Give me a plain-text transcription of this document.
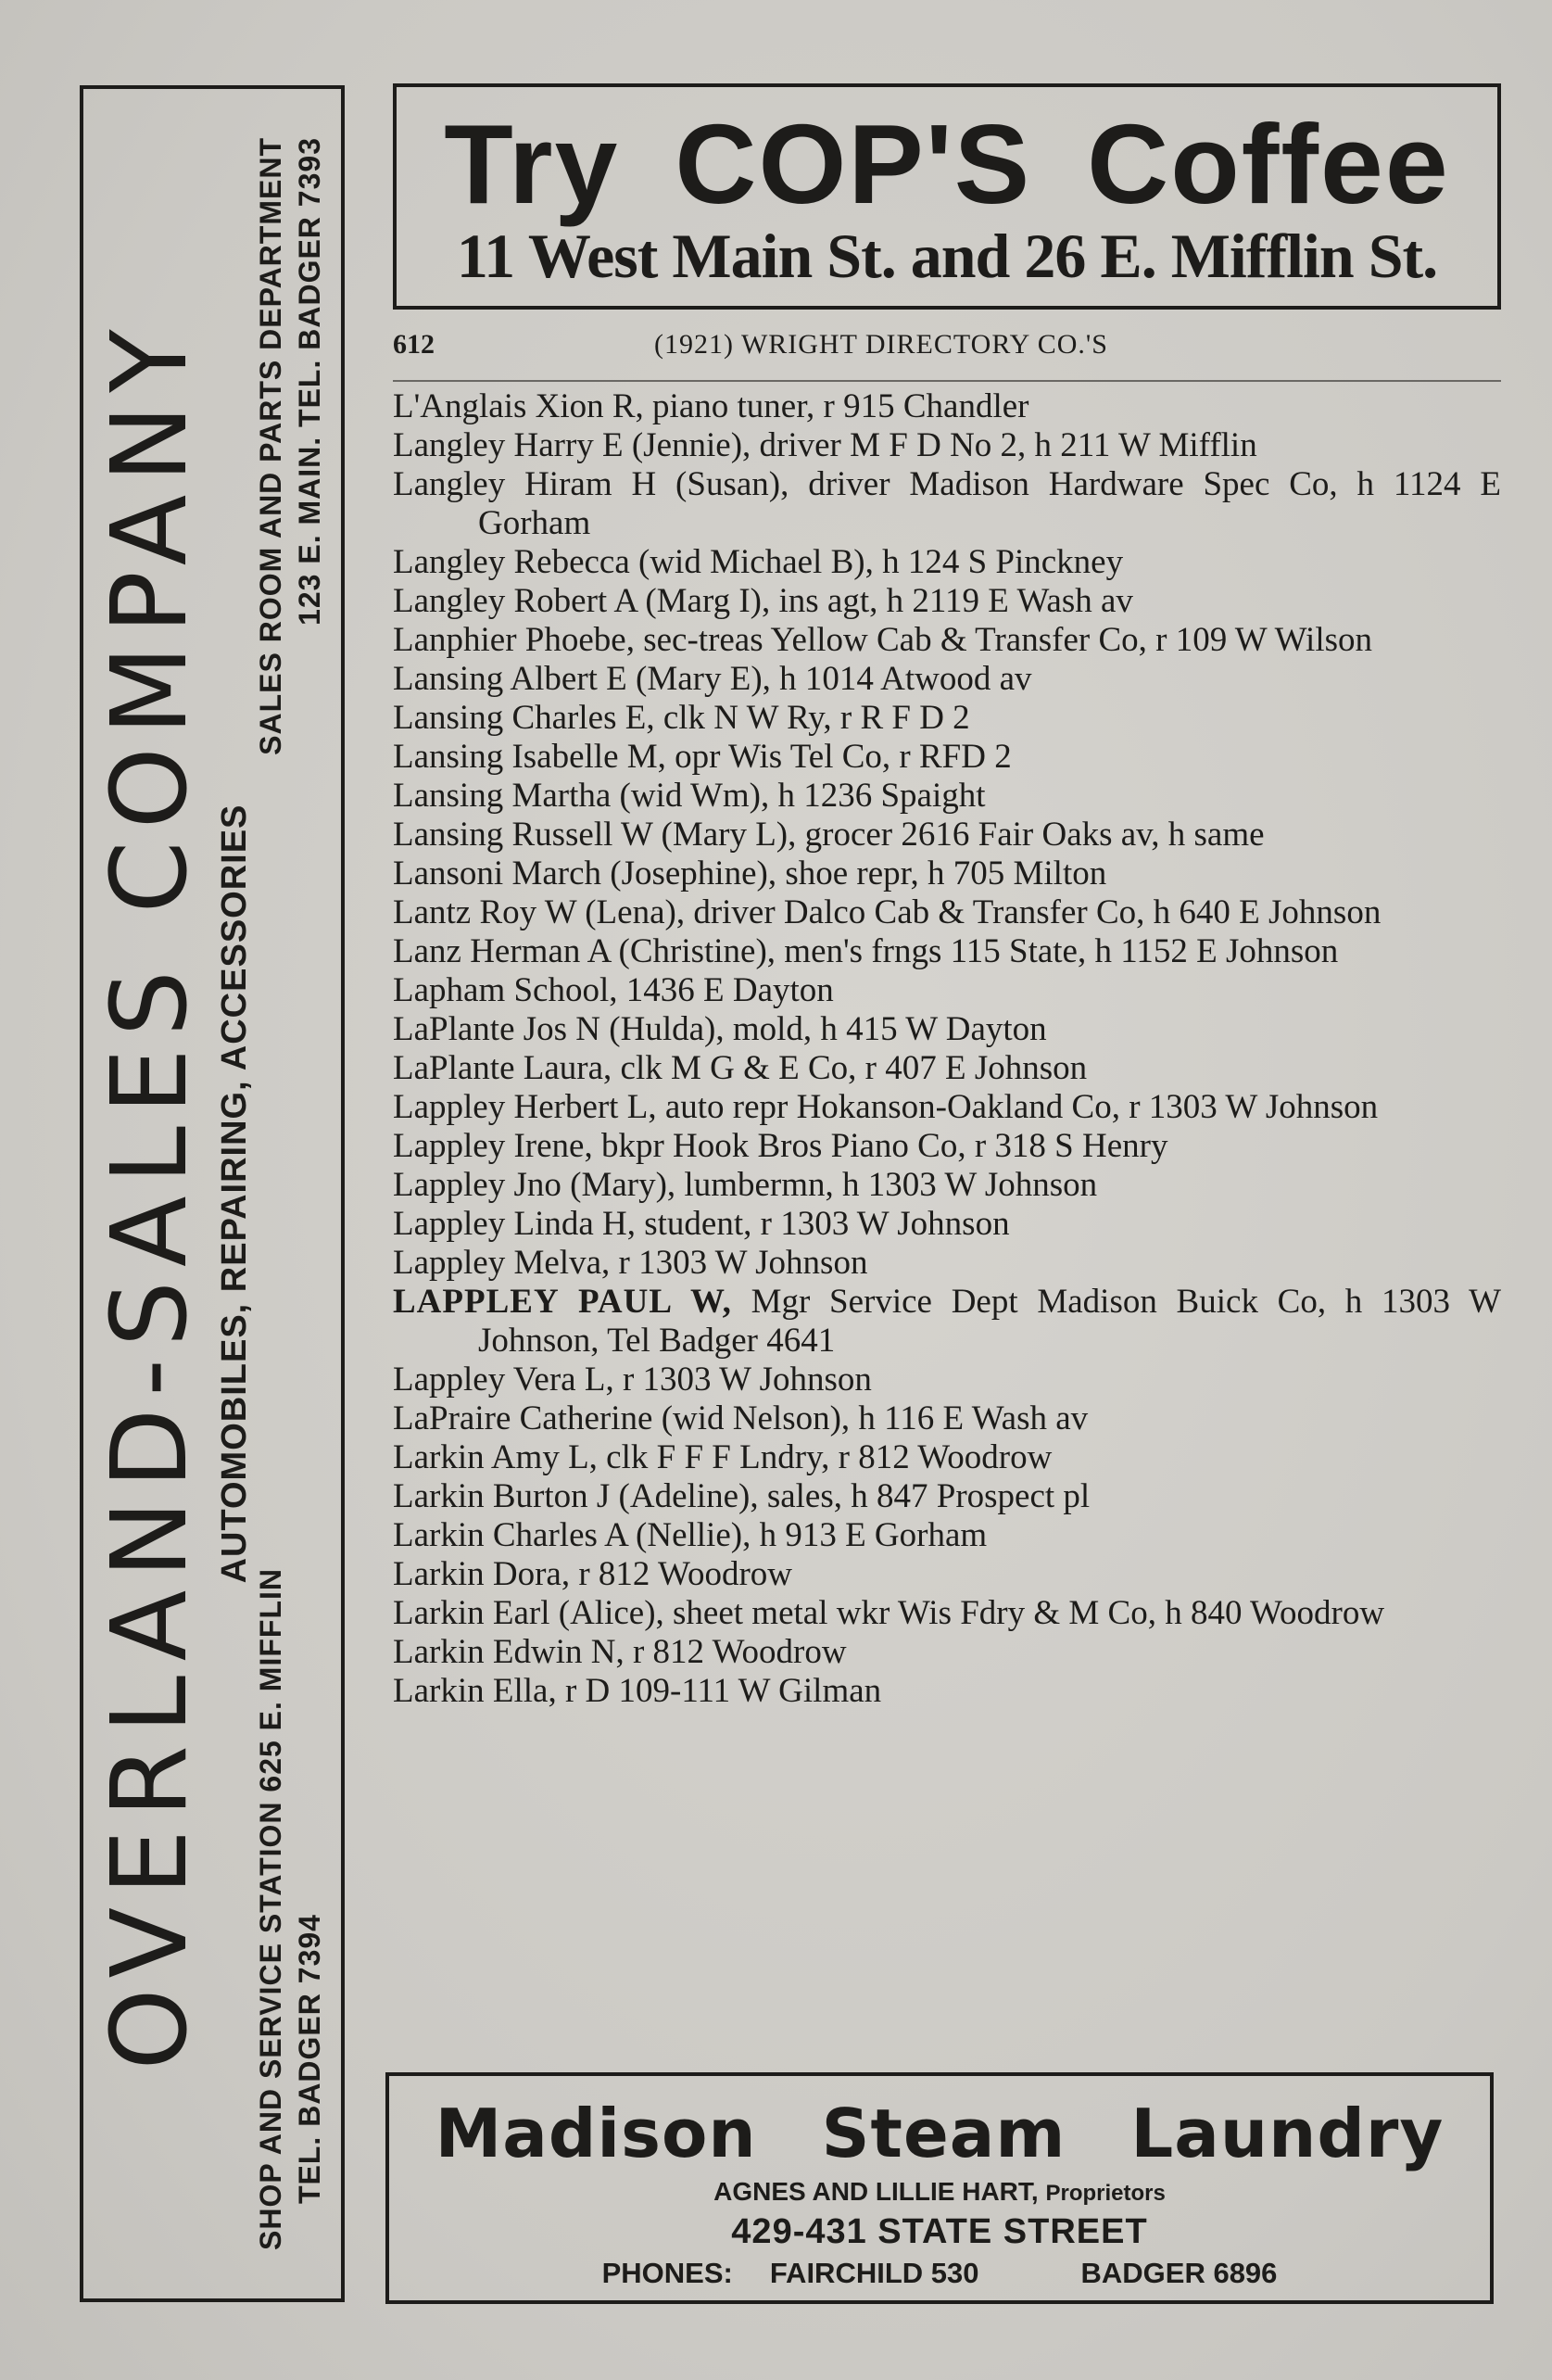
OVERLAND-SALES COMPANY AUTOMOBILES, REPAIRING, ACCESSORIES
SHOP AND SERVICE STATION 625 E. MIFFLIN TEL. BADGER 7394
SALES ROOM AND PARTS DEPARTMENT 123 E. MAIN. TEL. BADGER 7393	Try COP'S Coffee
11 West Main St. and 26 E. Mifflin St.
612	(1921) WRIGHT DIRECTORY CO.'S

L'Anglais Xion R, piano tuner, r 915 Chandler

Langley Harry E (Jennie), driver M F D No 2, h 211 W Mifflin

Langley Hiram H (Susan), driver Madison Hardware Spec Co, h 1124 E Gorham

Langley Rebecca (wid Michael B), h 124 S Pinckney

Langley Robert A (Marg I), ins agt, h 2119 E Wash av

Lanphier Phoebe, sec-treas Yellow Cab & Transfer Co, r 109 W Wilson

Lansing Albert E (Mary E), h 1014 Atwood av

Lansing Charles E, clk N W Ry, r R F D 2

Lansing Isabelle M, opr Wis Tel Co, r RFD 2

Lansing Martha (wid Wm), h 1236 Spaight

Lansing Russell W (Mary L), grocer 2616 Fair Oaks av, h same

Lansoni March (Josephine), shoe repr, h 705 Milton

Lantz Roy W (Lena), driver Dalco Cab & Transfer Co, h 640 E Johnson

Lanz Herman A (Christine), men's frngs 115 State, h 1152 E Johnson

Lapham School, 1436 E Dayton

LaPlante Jos N (Hulda), mold, h 415 W Dayton

LaPlante Laura, clk M G & E Co, r 407 E Johnson

Lappley Herbert L, auto repr Hokanson-Oakland Co, r 1303 W Johnson

Lappley Irene, bkpr Hook Bros Piano Co, r 318 S Henry

Lappley Jno (Mary), lumbermn, h 1303 W Johnson

Lappley Linda H, student, r 1303 W Johnson

Lappley Melva, r 1303 W Johnson

LAPPLEY PAUL W, Mgr Service Dept Madison Buick Co, h 1303 W Johnson, Tel Badger 4641

Lappley Vera L, r 1303 W Johnson

LaPraire Catherine (wid Nelson), h 116 E Wash av

Larkin Amy L, clk F F F Lndry, r 812 Woodrow

Larkin Burton J (Adeline), sales, h 847 Prospect pl

Larkin Charles A (Nellie), h 913 E Gorham

Larkin Dora, r 812 Woodrow

Larkin Earl (Alice), sheet metal wkr Wis Fdry & M Co, h 840 Woodrow

Larkin Edwin N, r 812 Woodrow

Larkin Ella, r D 109-111 W Gilman

Madison Steam Laundry
AGNES AND LILLIE HART, Proprietors
429-431 STATE STREET
PHONES: FAIRCHILD 530	BADGER 6896
